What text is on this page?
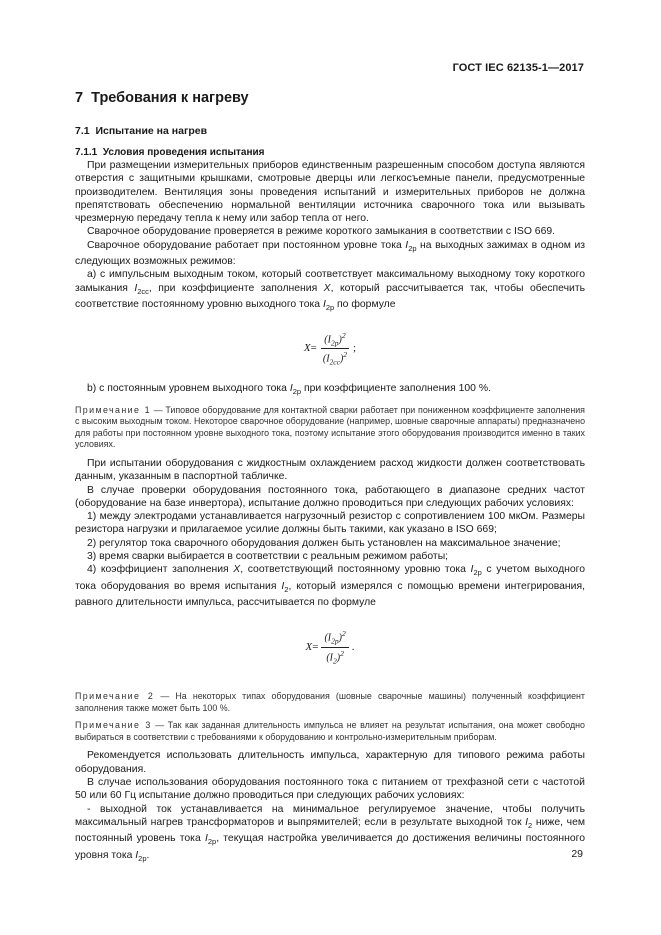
ГОСТ IEC 62135-1—2017
7 Требования к нагреву
7.1 Испытание на нагрев
7.1.1 Условия проведения испытания

При размещении измерительных приборов единственным разрешенным способом доступа являются отверстия с защитными крышками, смотровые дверцы или легкосъемные панели, предусмотренные производителем. Вентиляция зоны проведения испытаний и измерительных приборов не должна препятствовать обеспечению нормальной вентиляции источника сварочного тока или вызывать чрезмерную передачу тепла к нему или забор тепла от него.

Сварочное оборудование проверяется в режиме короткого замыкания в соответствии с ISO 669.

Сварочное оборудование работает при постоянном уровне тока $I_{2p}$ на выходных зажимах в одном из следующих возможных режимов:

a) с импульсным выходным током, который соответствует максимальному выходному току короткого замыкания $I_{2cc}$, при коэффициенте заполнения X, который рассчитывается так, чтобы обеспечить соответствие постоянному уровню выходного тока $I_{2p}$ по формуле

$X = \frac{(I_{2p})^2}{(I_{2cc})^2}$ ;

b) с постоянным уровнем выходного тока $I_{2p}$ при коэффициенте заполнения 100 %.

Примечание 1 — Типовое оборудование для контактной сварки работает при пониженном коэффициенте заполнения с высоким выходным током. Некоторое сварочное оборудование (например, шовные сварочные аппараты) предназначено для работы при постоянном уровне выходного тока, поэтому испытание этого оборудования производится именно в таких условиях.

При испытании оборудования с жидкостным охлаждением расход жидкости должен соответствовать данным, указанным в паспортной табличке.

В случае проверки оборудования постоянного тока, работающего в диапазоне средних частот (оборудование на базе инвертора), испытание должно проводиться при следующих рабочих условиях:

1) между электродами устанавливается нагрузочный резистор с сопротивлением 100 мкОм. Размеры резистора нагрузки и прилагаемое усилие должны быть такими, как указано в ISO 669;

2) регулятор тока сварочного оборудования должен быть установлен на максимальное значение;

3) время сварки выбирается в соответствии с реальным режимом работы;

4) коэффициент заполнения X, соответствующий постоянному уровню тока $I_{2p}$ с учетом выходного тока оборудования во время испытания $I_2$, который измерялся с помощью времени интегрирования, равного длительности импульса, рассчитывается по формуле

$X = \frac{(I_{2p})^2}{(I_2)^2}$ .

Примечание 2 — На некоторых типах оборудования (шовные сварочные машины) полученный коэффициент заполнения также может быть 100 %.

Примечание 3 — Так как заданная длительность импульса не влияет на результат испытания, она может свободно выбираться в соответствии с требованиями к оборудованию и контрольно-измерительным приборам.

Рекомендуется использовать длительность импульса, характерную для типового режима работы оборудования.

В случае использования оборудования постоянного тока с питанием от трехфазной сети с частотой 50 или 60 Гц испытание должно проводиться при следующих рабочих условиях:

- выходной ток устанавливается на минимальное регулируемое значение, чтобы получить максимальный нагрев трансформаторов и выпрямителей; если в результате выходной ток $I_2$ ниже, чем постоянный уровень тока $I_{2p}$, текущая настройка увеличивается до достижения величины постоянного уровня тока $I_{2p}$.	29
